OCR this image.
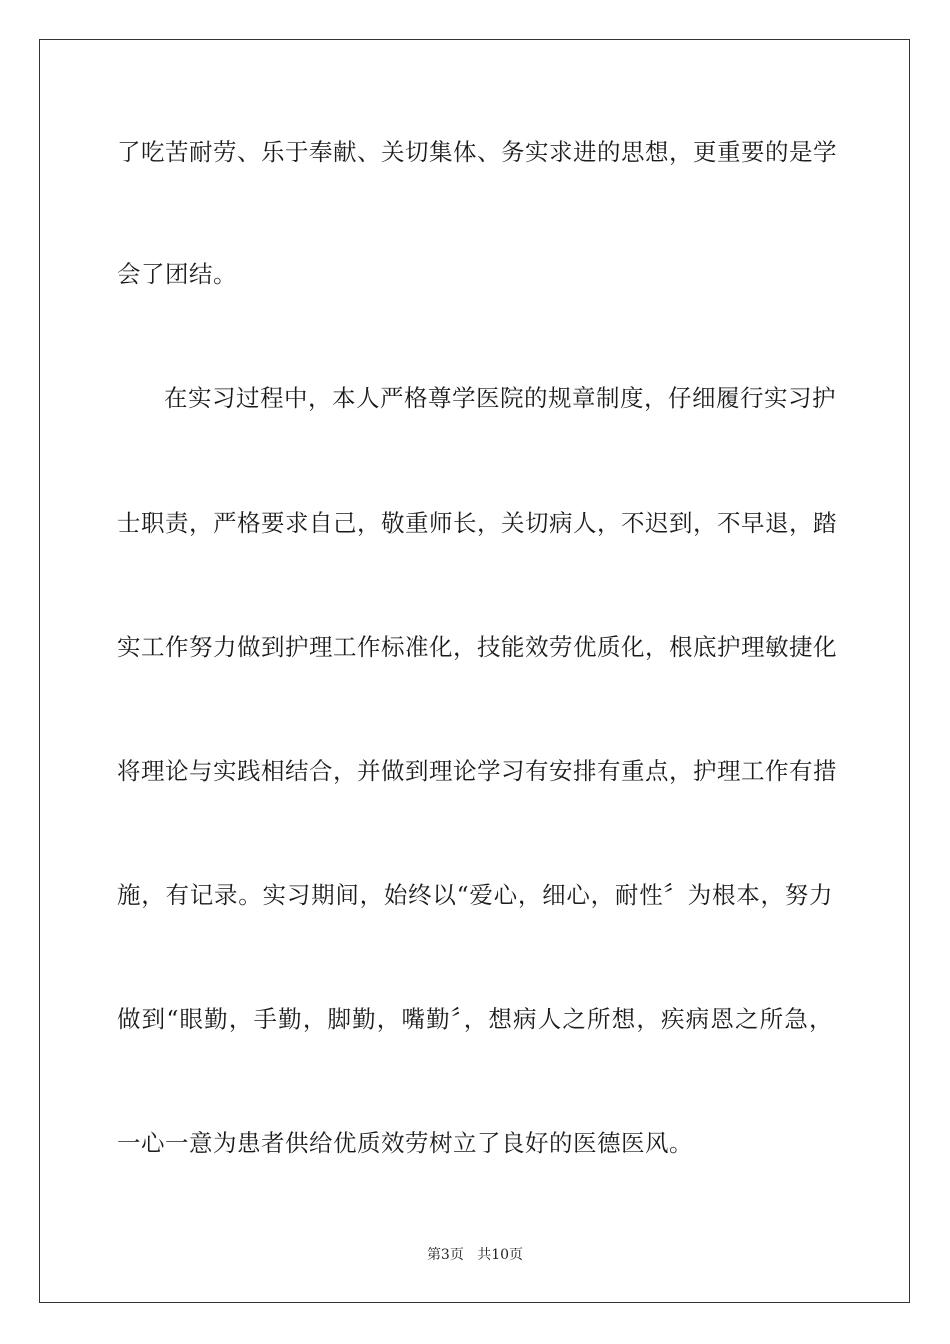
了吃苦耐劳、乐于奉献、关切集体、务实求进的思想，更重要的是学
会了团结。
在实习过程中，本人严格尊学医院的规章制度，仔细履行实习护
士职责，严格要求自己，敬重师长，关切病人，不迟到，不早退，踏
实工作努力做到护理工作标准化，技能效劳优质化，根底护理敏捷化
将理论与实践相结合，并做到理论学习有安排有重点，护理工作有措
施，有记录。实习期间，始终以“爱心，细心，耐性〞为根本，努力
做到“眼勤，手勤，脚勤，嘴勤〞，想病人之所想，疾病恩之所急，
一心一意为患者供给优质效劳树立了良好的医德医风。
第3页 共10页
